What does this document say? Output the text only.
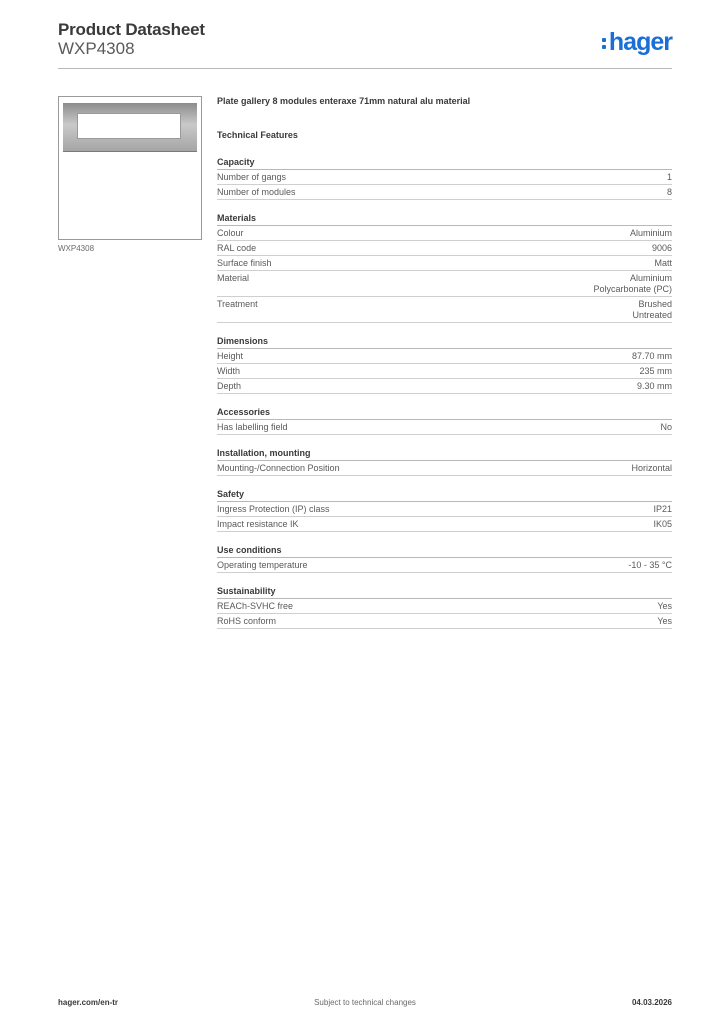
Product Datasheet
WXP4308	hager
WXP4308
Plate gallery 8 modules enteraxe 71mm natural alu material
Technical Features
Capacity
Number of gangs	1
Number of modules	8
Materials
Colour	Aluminium
RAL code	9006
Surface finish	Matt
Material	Aluminium
Polycarbonate (PC)
Treatment	Brushed
Untreated
Dimensions
Height	87.70 mm
Width	235 mm
Depth	9.30 mm
Accessories
Has labelling field	No
Installation, mounting
Mounting-/Connection Position	Horizontal
Safety
Ingress Protection (IP) class	IP21
Impact resistance IK	IK05
Use conditions
Operating temperature	-10 - 35 °C
Sustainability
REACh-SVHC free	Yes
RoHS conform	Yes
hager.com/en-tr	Subject to technical changes	04.03.2026
